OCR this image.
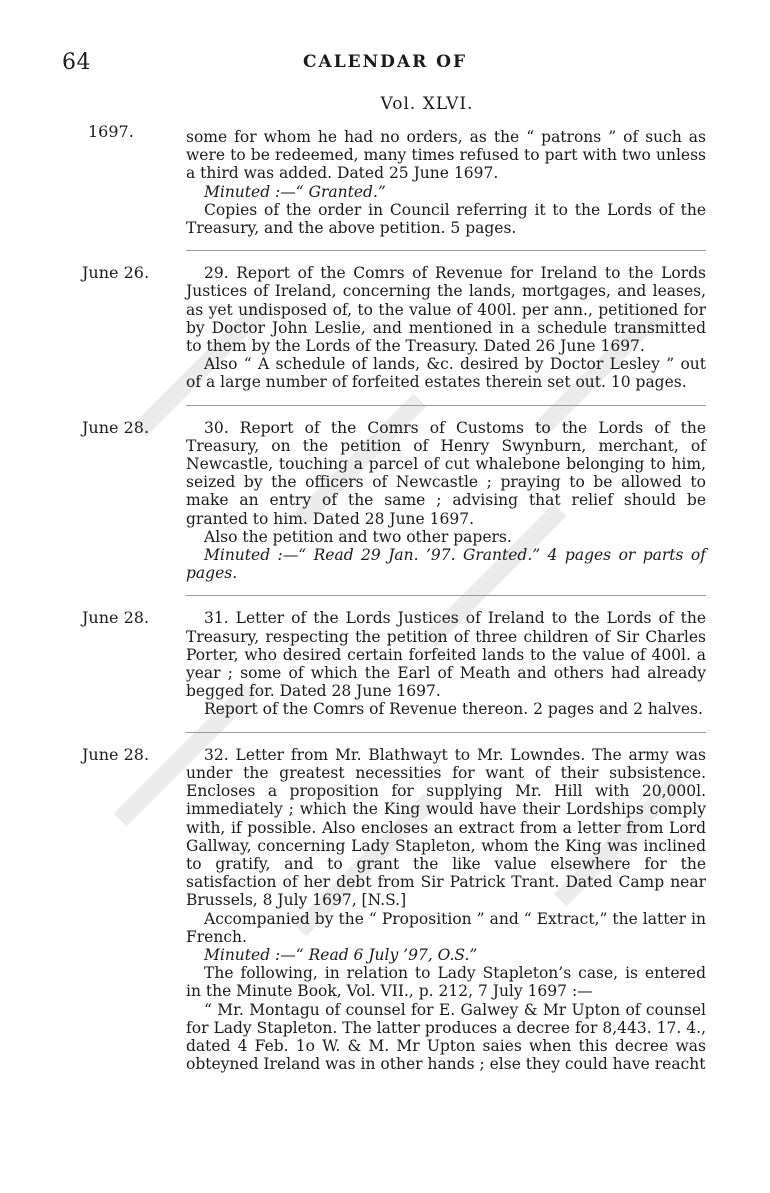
64	CALENDAR OF
Vol. XLVI.
1697.	some for whom he had no orders, as the “ patrons ” of such as were to be redeemed, many times refused to part with two unless a third was added. Dated 25 June 1697.

Minuted :—“ Granted.”

Copies of the order in Council referring it to the Lords of the Treasury, and the above petition. 5 pages.

June 26.	29. Report of the Comrs of Revenue for Ireland to the Lords Justices of Ireland, concerning the lands, mortgages, and leases, as yet undisposed of, to the value of 400l. per ann., petitioned for by Doctor John Leslie, and mentioned in a schedule transmitted to them by the Lords of the Treasury. Dated 26 June 1697.

Also “ A schedule of lands, &c. desired by Doctor Lesley ” out of a large number of forfeited estates therein set out. 10 pages.

June 28.	30. Report of the Comrs of Customs to the Lords of the Treasury, on the petition of Henry Swynburn, merchant, of Newcastle, touching a parcel of cut whalebone belonging to him, seized by the officers of Newcastle ; praying to be allowed to make an entry of the same ; advising that relief should be granted to him. Dated 28 June 1697.

Also the petition and two other papers.

Minuted :—“ Read 29 Jan. ’97. Granted.” 4 pages or parts of pages.

June 28.	31. Letter of the Lords Justices of Ireland to the Lords of the Treasury, respecting the petition of three children of Sir Charles Porter, who desired certain forfeited lands to the value of 400l. a year ; some of which the Earl of Meath and others had already begged for. Dated 28 June 1697.

Report of the Comrs of Revenue thereon. 2 pages and 2 halves.

June 28.	32. Letter from Mr. Blathwayt to Mr. Lowndes. The army was under the greatest necessities for want of their subsistence. Encloses a proposition for supplying Mr. Hill with 20,000l. immediately ; which the King would have their Lordships comply with, if possible. Also encloses an extract from a letter from Lord Gallway, concerning Lady Stapleton, whom the King was inclined to gratify, and to grant the like value elsewhere for the satisfaction of her debt from Sir Patrick Trant. Dated Camp near Brussels, 8 July 1697, [N.S.]

Accompanied by the “ Proposition ” and “ Extract,” the latter in French.

Minuted :—“ Read 6 July ’97, O.S.”

The following, in relation to Lady Stapleton’s case, is entered in the Minute Book, Vol. VII., p. 212, 7 July 1697 :—

“ Mr. Montagu of counsel for E. Galwey & Mr Upton of counsel for Lady Stapleton. The latter produces a decree for 8,443. 17. 4., dated 4 Feb. 1o W. & M. Mr Upton saies when this decree was obteyned Ireland was in other hands ; else they could have reacht
